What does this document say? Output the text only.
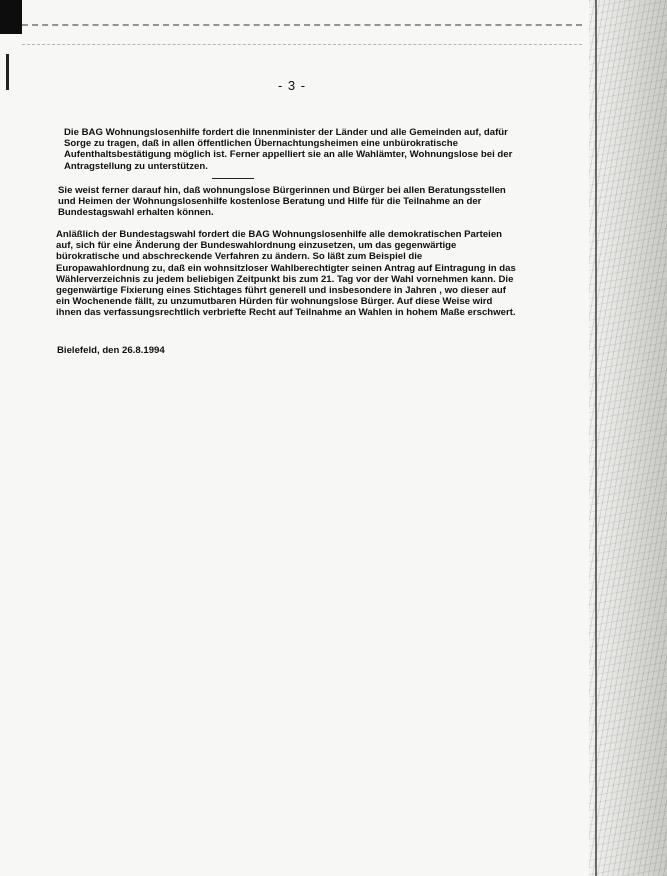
- 3 -

Die BAG Wohnungslosenhilfe fordert die Innenminister der Länder und alle Gemeinden auf, dafür Sorge zu tragen, daß in allen öffentlichen Übernachtungsheimen eine unbürokratische Aufenthaltsbestätigung möglich ist. Ferner appelliert sie an alle Wahlämter, Wohnungslose bei der Antragstellung zu unterstützen.

Sie weist ferner darauf hin, daß wohnungslose Bürgerinnen und Bürger bei allen Beratungsstellen und Heimen der Wohnungslosenhilfe kostenlose Beratung und Hilfe für die Teilnahme an der Bundestagswahl erhalten können.

Anläßlich der Bundestagswahl fordert die BAG Wohnungslosenhilfe alle demokratischen Parteien auf, sich für eine Änderung der Bundeswahlordnung einzusetzen, um das gegenwärtige bürokratische und abschreckende Verfahren zu ändern. So läßt zum Beispiel die Europawahlordnung zu, daß ein wohnsitzloser Wahlberechtigter seinen Antrag auf Eintragung in das Wählerverzeichnis zu jedem beliebigen Zeitpunkt bis zum 21. Tag vor der Wahl vornehmen kann. Die gegenwärtige Fixierung eines Stichtages führt generell und insbesondere in Jahren , wo dieser auf ein Wochenende fällt, zu unzumutbaren Hürden für wohnungslose Bürger. Auf diese Weise wird ihnen das verfassungsrechtlich verbriefte Recht auf Teilnahme an Wahlen in hohem Maße erschwert.

Bielefeld, den 26.8.1994
